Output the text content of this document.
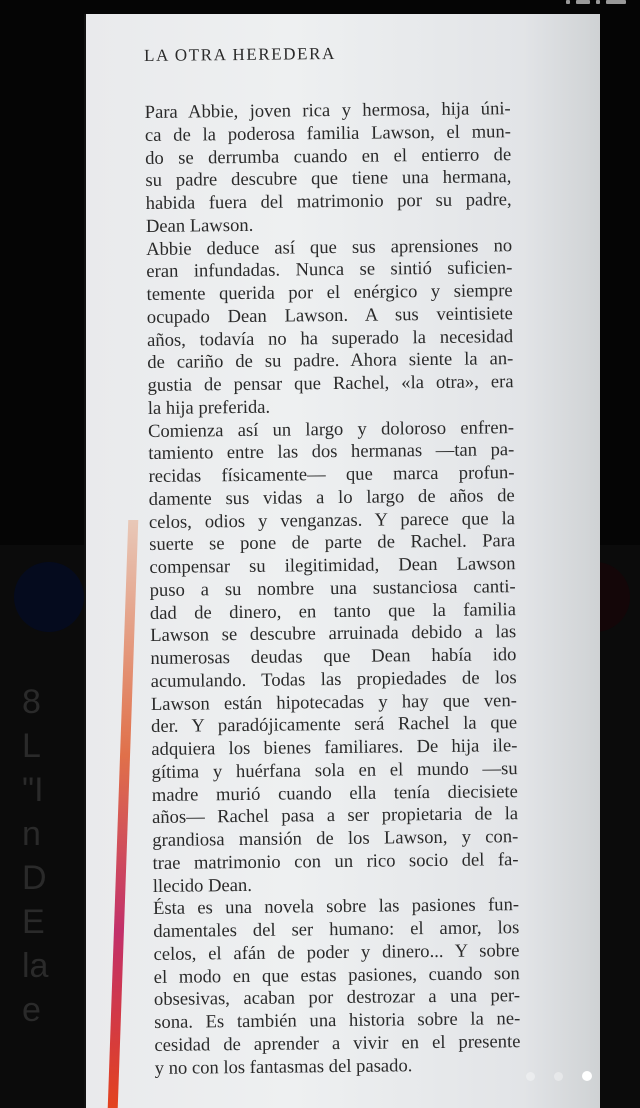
8
L
"I
n
D
E
la
e
LA OTRA HEREDERA
Para Abbie, joven rica y hermosa, hija úni-
ca de la poderosa familia Lawson, el mun-
do se derrumba cuando en el entierro de
su padre descubre que tiene una hermana,
habida fuera del matrimonio por su padre,
Dean Lawson.
Abbie deduce así que sus aprensiones no
eran infundadas. Nunca se sintió suficien-
temente querida por el enérgico y siempre
ocupado Dean Lawson. A sus veintisiete
años, todavía no ha superado la necesidad
de cariño de su padre. Ahora siente la an-
gustia de pensar que Rachel, «la otra», era
la hija preferida.
Comienza así un largo y doloroso enfren-
tamiento entre las dos hermanas —tan pa-
recidas físicamente— que marca profun-
damente sus vidas a lo largo de años de
celos, odios y venganzas. Y parece que la
suerte se pone de parte de Rachel. Para
compensar su ilegitimidad, Dean Lawson
puso a su nombre una sustanciosa canti-
dad de dinero, en tanto que la familia
Lawson se descubre arruinada debido a las
numerosas deudas que Dean había ido
acumulando. Todas las propiedades de los
Lawson están hipotecadas y hay que ven-
der. Y paradójicamente será Rachel la que
adquiera los bienes familiares. De hija ile-
gítima y huérfana sola en el mundo —su
madre murió cuando ella tenía diecisiete
años— Rachel pasa a ser propietaria de la
grandiosa mansión de los Lawson, y con-
trae matrimonio con un rico socio del fa-
llecido Dean.
Ésta es una novela sobre las pasiones fun-
damentales del ser humano: el amor, los
celos, el afán de poder y dinero... Y sobre
el modo en que estas pasiones, cuando son
obsesivas, acaban por destrozar a una per-
sona. Es también una historia sobre la ne-
cesidad de aprender a vivir en el presente
y no con los fantasmas del pasado.
